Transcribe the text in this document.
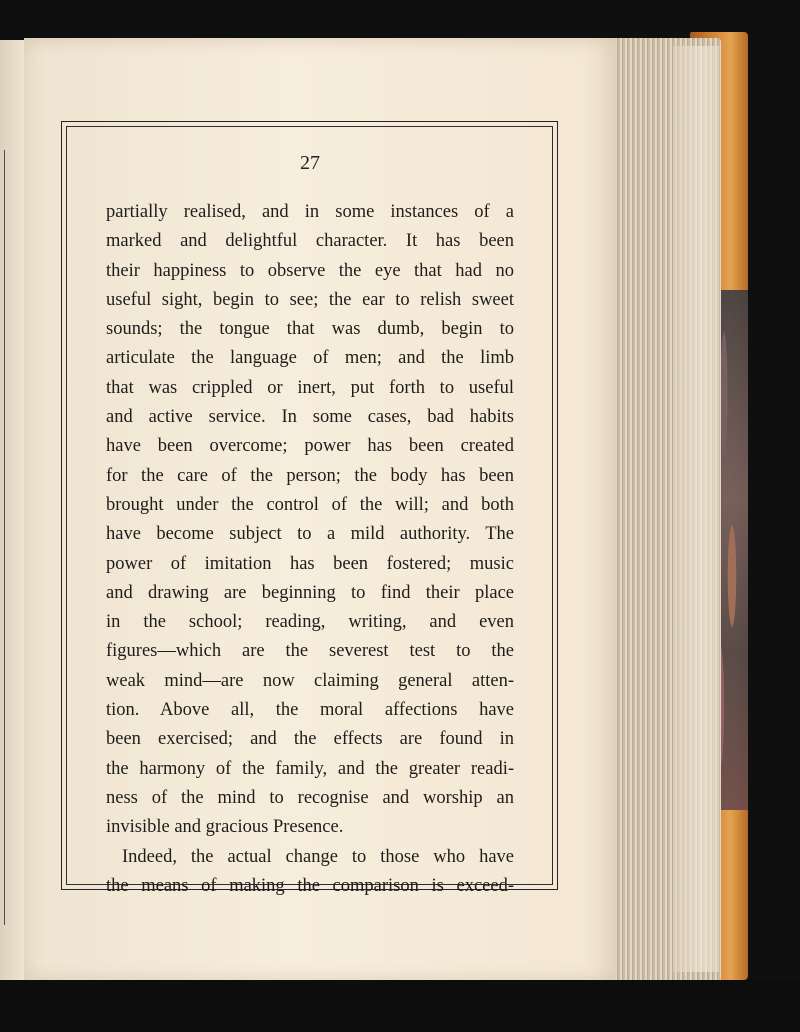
27
partially realised, and in some instances of a
marked and delightful character. It has been
their happiness to observe the eye that had no
useful sight, begin to see; the ear to relish sweet
sounds; the tongue that was dumb, begin to
articulate the language of men; and the limb
that was crippled or inert, put forth to useful
and active service. In some cases, bad habits
have been overcome; power has been created
for the care of the person; the body has been
brought under the control of the will; and both
have become subject to a mild authority. The
power of imitation has been fostered; music
and drawing are beginning to find their place
in the school; reading, writing, and even
figures—which are the severest test to the
weak mind—are now claiming general atten-
tion. Above all, the moral affections have
been exercised; and the effects are found in
the harmony of the family, and the greater readi-
ness of the mind to recognise and worship an
invisible and gracious Presence.
Indeed, the actual change to those who have
the means of making the comparison is exceed-
